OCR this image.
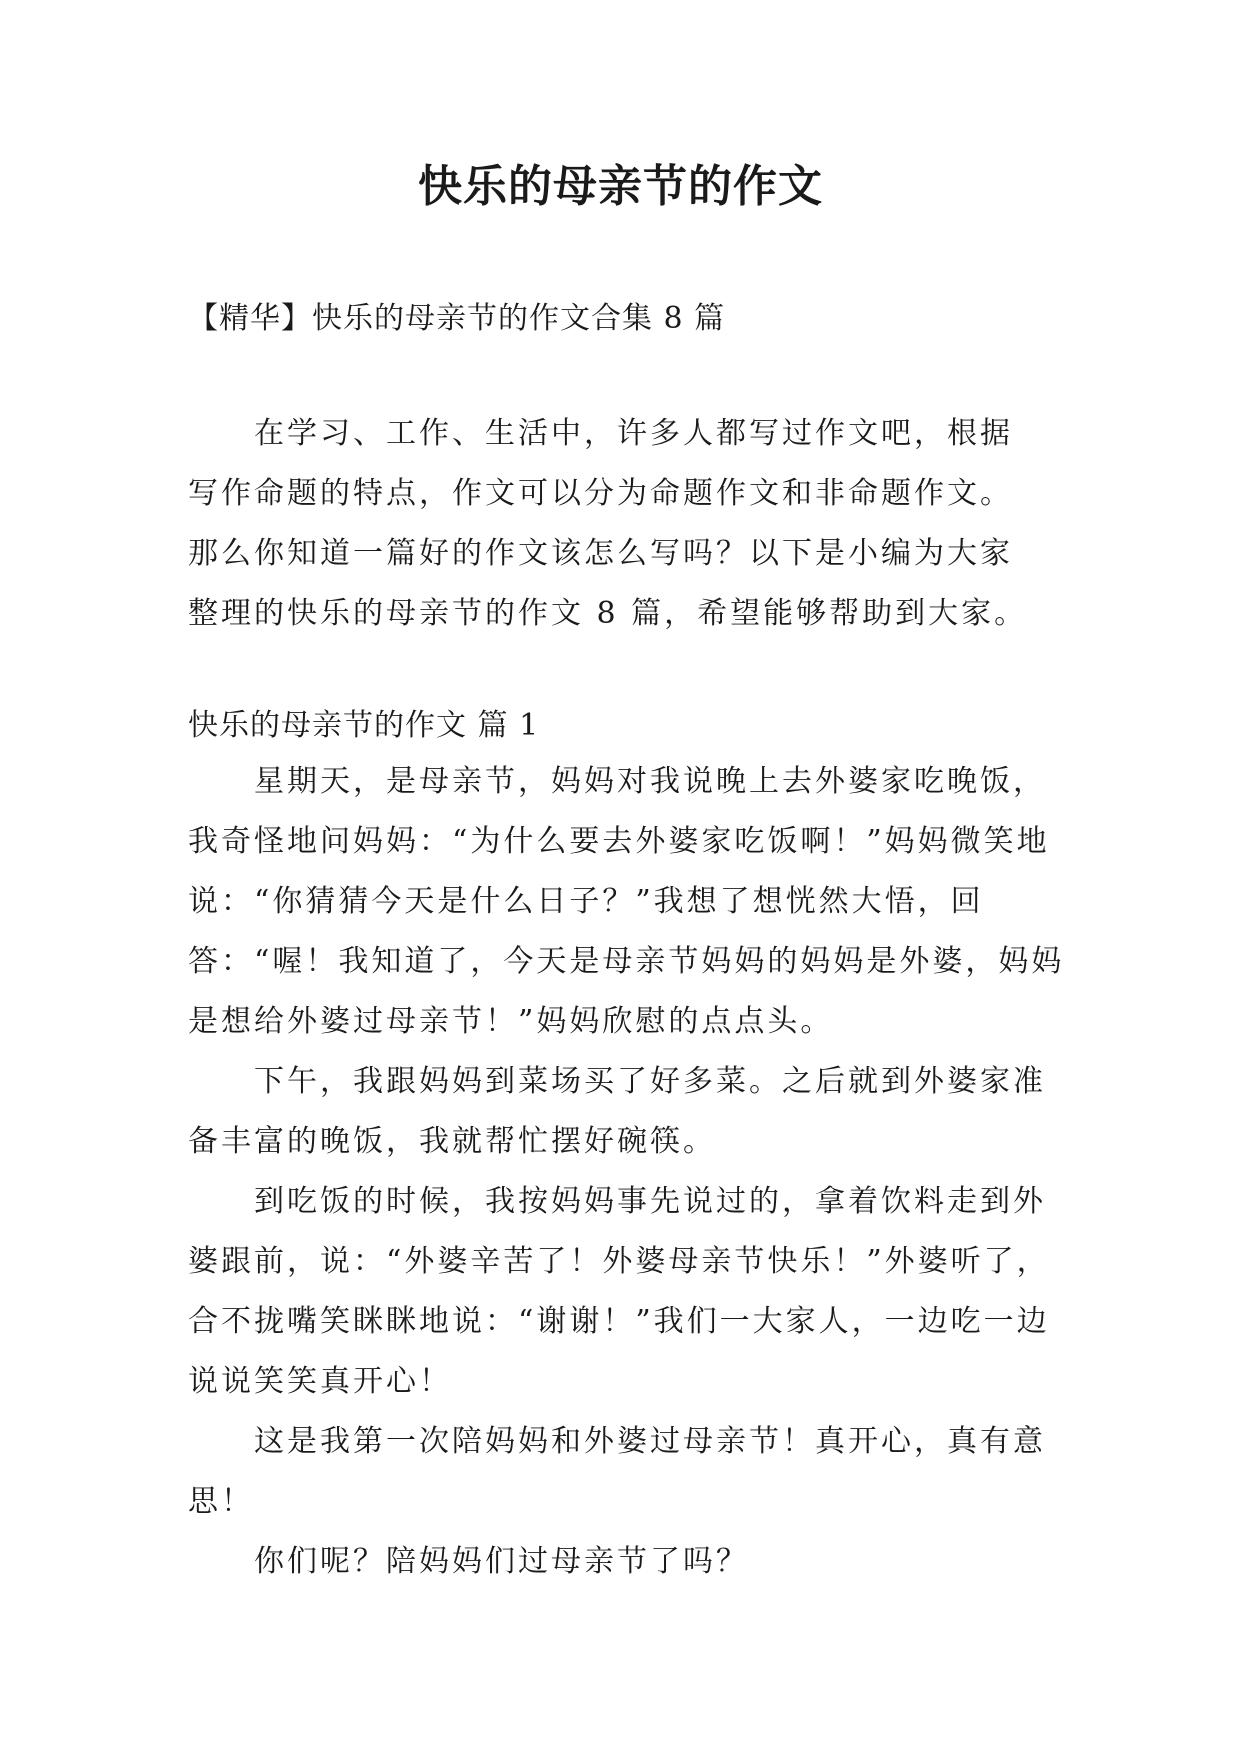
快乐的母亲节的作文
【精华】快乐的母亲节的作文合集 8 篇

在学习、工作、生活中，许多人都写过作文吧，根据写作命题的特点，作文可以分为命题作文和非命题作文。那么你知道一篇好的作文该怎么写吗？以下是小编为大家整理的快乐的母亲节的作文 8 篇，希望能够帮助到大家。

快乐的母亲节的作文 篇 1

星期天，是母亲节，妈妈对我说晚上去外婆家吃晚饭，我奇怪地问妈妈：“为什么要去外婆家吃饭啊！”妈妈微笑地说：“你猜猜今天是什么日子？”我想了想恍然大悟，回答：“喔！我知道了，今天是母亲节妈妈的妈妈是外婆，妈妈是想给外婆过母亲节！”妈妈欣慰的点点头。

下午，我跟妈妈到菜场买了好多菜。之后就到外婆家准备丰富的晚饭，我就帮忙摆好碗筷。

到吃饭的时候，我按妈妈事先说过的，拿着饮料走到外婆跟前，说：“外婆辛苦了！外婆母亲节快乐！”外婆听了，合不拢嘴笑眯眯地说：“谢谢！”我们一大家人，一边吃一边说说笑笑真开心！

这是我第一次陪妈妈和外婆过母亲节！真开心，真有意思！

你们呢？陪妈妈们过母亲节了吗？
